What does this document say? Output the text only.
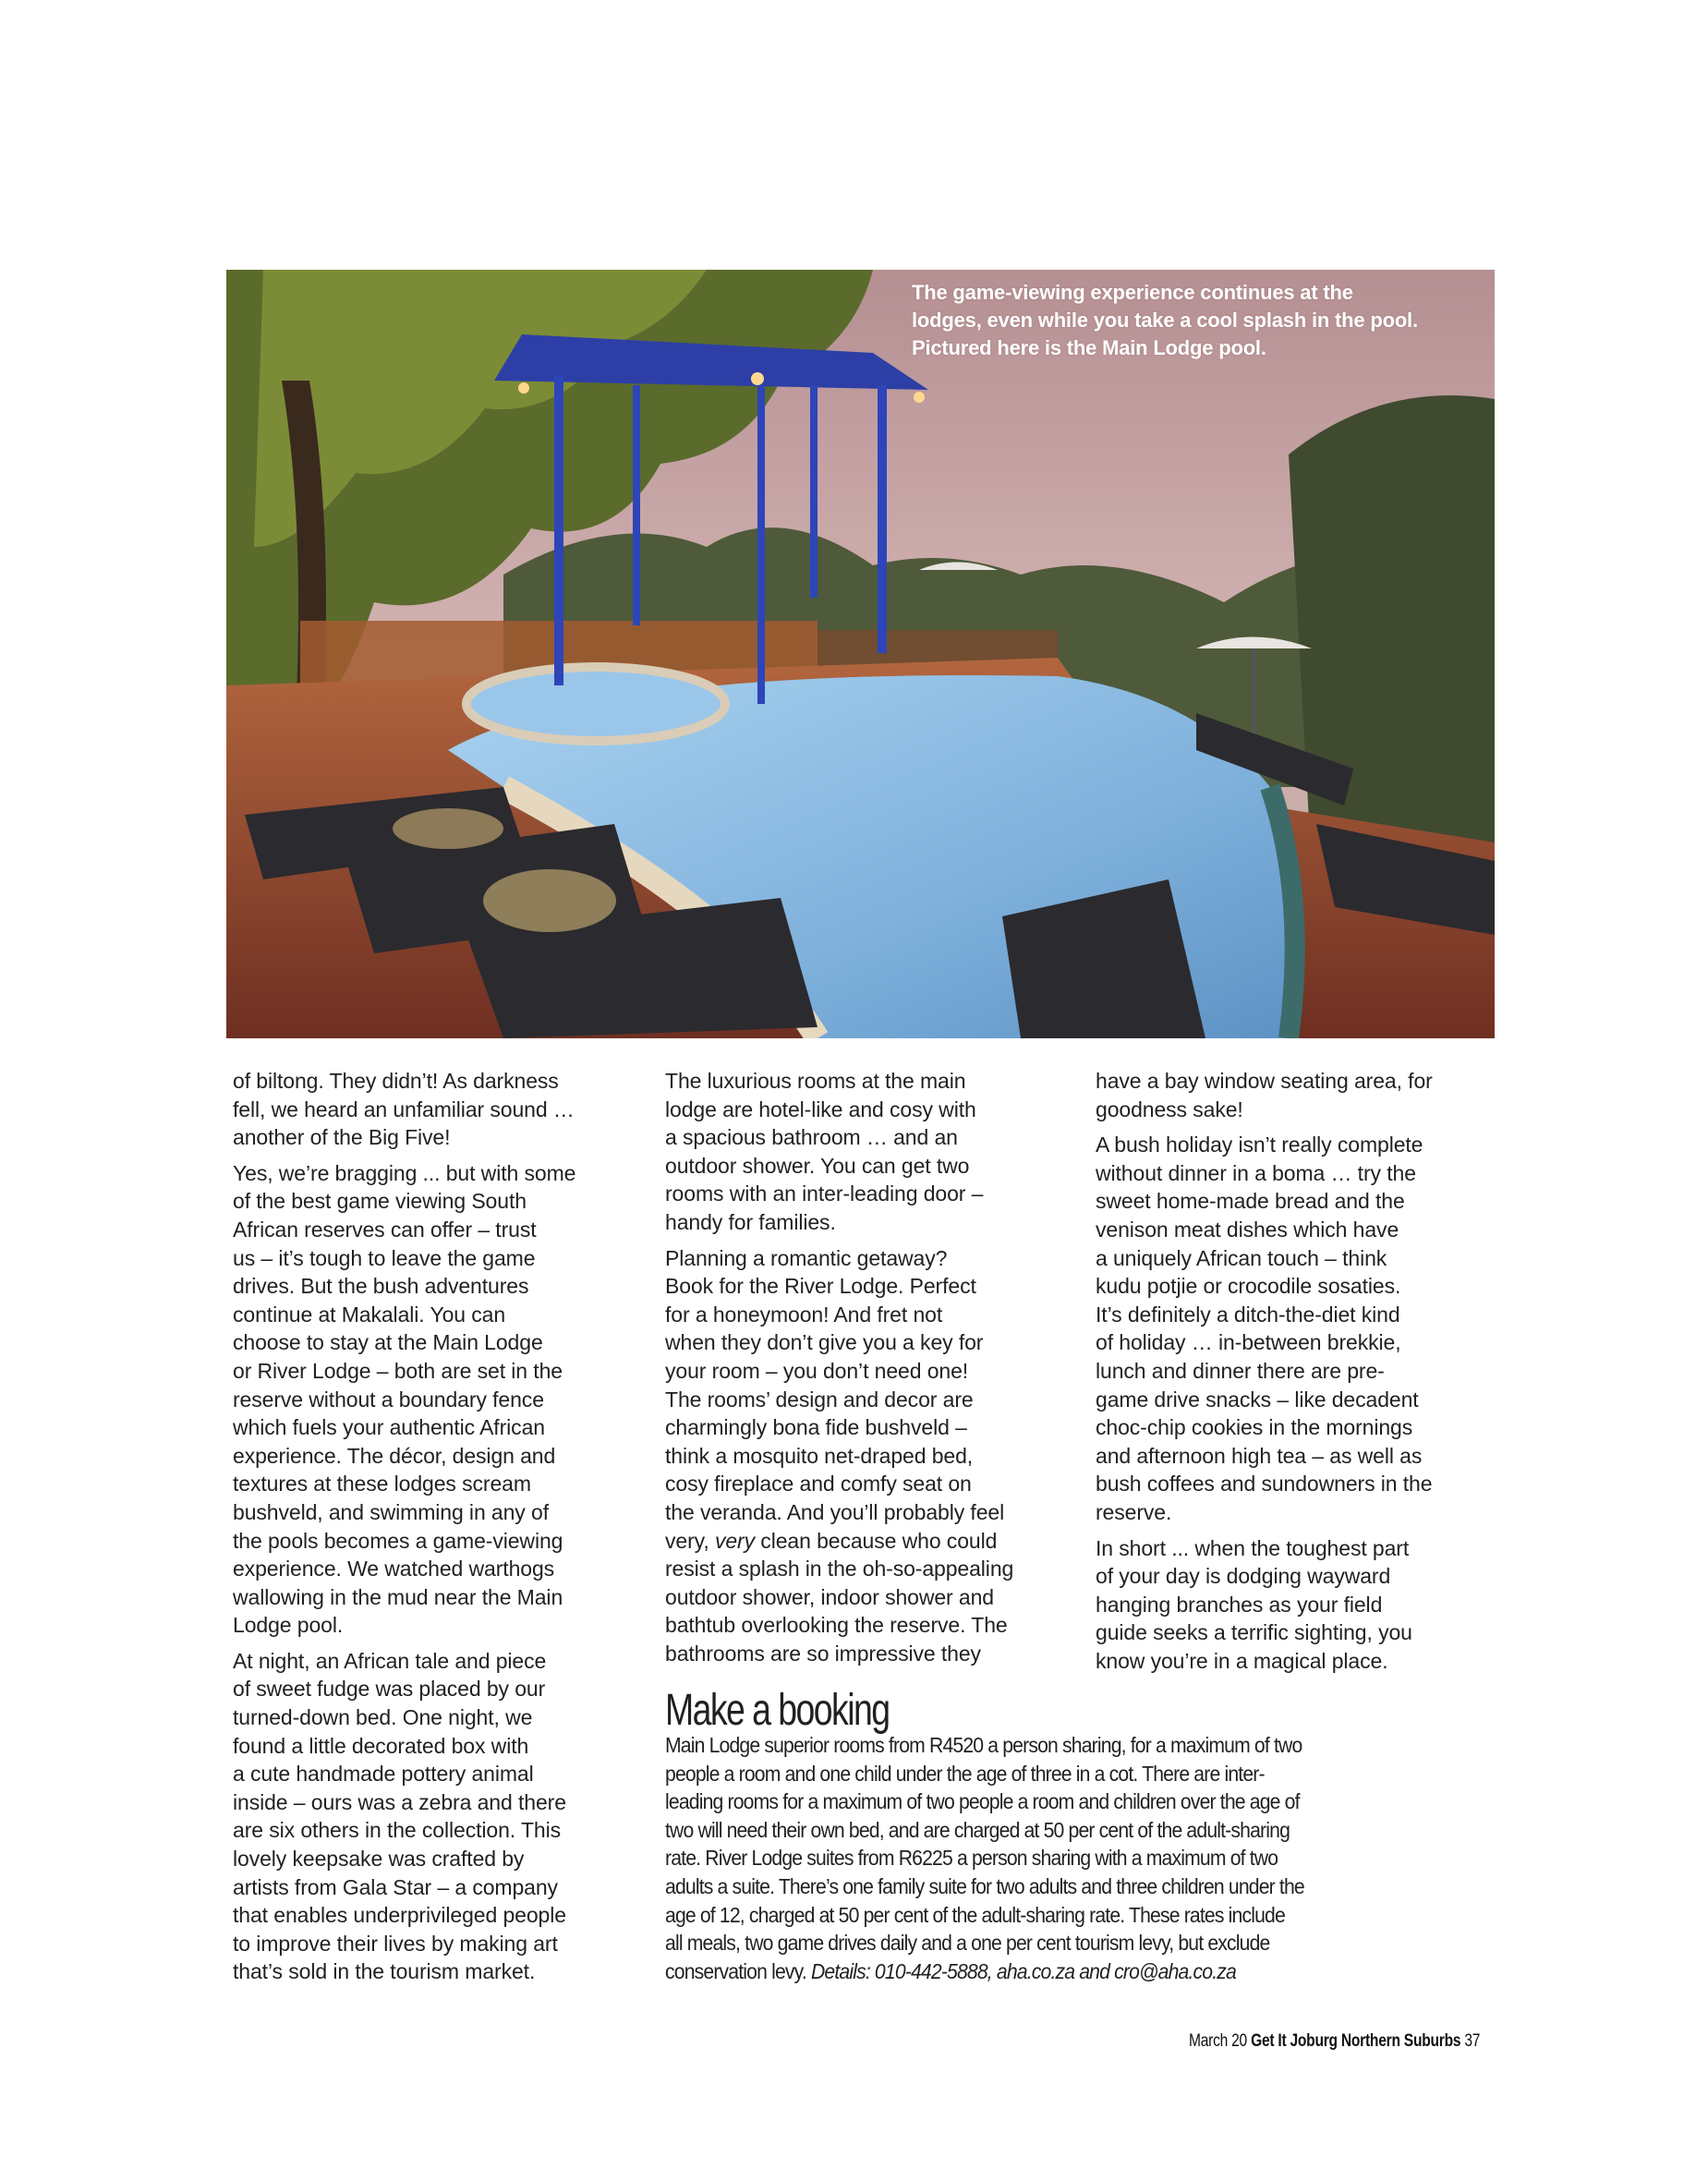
The game-viewing experience continues at the
lodges, even while you take a cool splash in the pool.
Pictured here is the Main Lodge pool.

of biltong. They didn’t! As darkness
fell, we heard an unfamiliar sound …
another of the Big Five!

Yes, we’re bragging ... but with some
of the best game viewing South
African reserves can offer – trust
us – it’s tough to leave the game
drives. But the bush adventures
continue at Makalali. You can
choose to stay at the Main Lodge
or River Lodge – both are set in the
reserve without a boundary fence
which fuels your authentic African
experience. The décor, design and
textures at these lodges scream
bushveld, and swimming in any of
the pools becomes a game-viewing
experience. We watched warthogs
wallowing in the mud near the Main
Lodge pool.

At night, an African tale and piece
of sweet fudge was placed by our
turned-down bed. One night, we
found a little decorated box with
a cute handmade pottery animal
inside – ours was a zebra and there
are six others in the collection. This
lovely keepsake was crafted by
artists from Gala Star – a company
that enables underprivileged people
to improve their lives by making art
that’s sold in the tourism market.

The luxurious rooms at the main
lodge are hotel-like and cosy with
a spacious bathroom … and an
outdoor shower. You can get two
rooms with an inter-leading door –
handy for families.

Planning a romantic getaway?
Book for the River Lodge. Perfect
for a honeymoon! And fret not
when they don’t give you a key for
your room – you don’t need one!
The rooms’ design and decor are
charmingly bona fide bushveld –
think a mosquito net-draped bed,
cosy fireplace and comfy seat on
the veranda. And you’ll probably feel
very, very clean because who could
resist a splash in the oh-so-appealing
outdoor shower, indoor shower and
bathtub overlooking the reserve. The
bathrooms are so impressive they

have a bay window seating area, for
goodness sake!

A bush holiday isn’t really complete
without dinner in a boma … try the
sweet home-made bread and the
venison meat dishes which have
a uniquely African touch – think
kudu potjie or crocodile sosaties.
It’s definitely a ditch-the-diet kind
of holiday … in-between brekkie,
lunch and dinner there are pre-
game drive snacks – like decadent
choc-chip cookies in the mornings
and afternoon high tea – as well as
bush coffees and sundowners in the
reserve.

In short ... when the toughest part
of your day is dodging wayward
hanging branches as your field
guide seeks a terrific sighting, you
know you’re in a magical place.

Make a booking
Main Lodge superior rooms from R4520 a person sharing, for a maximum of two
people a room and one child under the age of three in a cot. There are inter-
leading rooms for a maximum of two people a room and children over the age of
two will need their own bed, and are charged at 50 per cent of the adult-sharing
rate. River Lodge suites from R6225 a person sharing with a maximum of two
adults a suite. There’s one family suite for two adults and three children under the
age of 12, charged at 50 per cent of the adult-sharing rate. These rates include
all meals, two game drives daily and a one per cent tourism levy, but exclude
conservation levy. Details: 010-442-5888, aha.co.za and cro@aha.co.za
March 20 Get It Joburg Northern Suburbs 37
